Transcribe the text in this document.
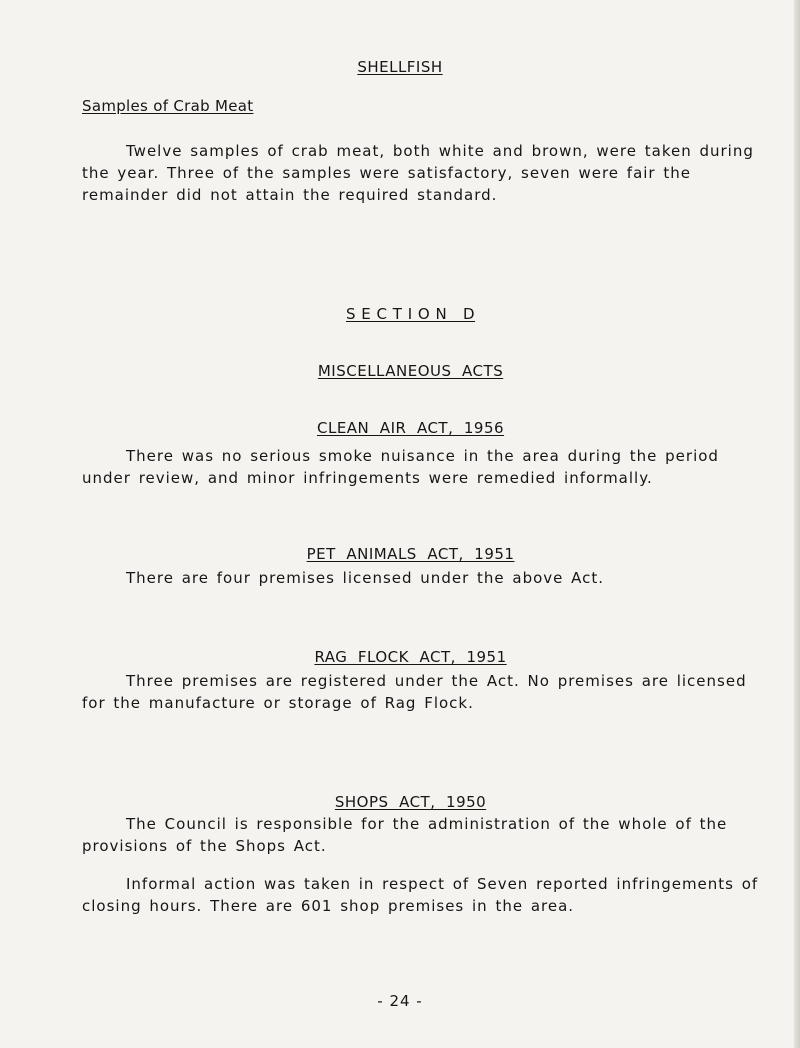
SHELLFISH
Samples of Crab Meat

Twelve samples of crab meat, both white and brown, were taken during the year. Three of the samples were satisfactory, seven were fair the remainder did not attain the required standard.

S E C T I O N   D

MISCELLANEOUS  ACTS

CLEAN  AIR  ACT,  1956

There was no serious smoke nuisance in the area during the period under review, and minor infringements were remedied informally.

PET  ANIMALS  ACT,  1951

There are four premises licensed under the above Act.

RAG  FLOCK  ACT,  1951

Three premises are registered under the Act. No premises are licensed for the manufacture or storage of Rag Flock.

SHOPS  ACT,  1950

The Council is responsible for the administration of the whole of the provisions of the Shops Act.

Informal action was taken in respect of Seven reported infringements of closing hours. There are 601 shop premises in the area.

- 24 -
